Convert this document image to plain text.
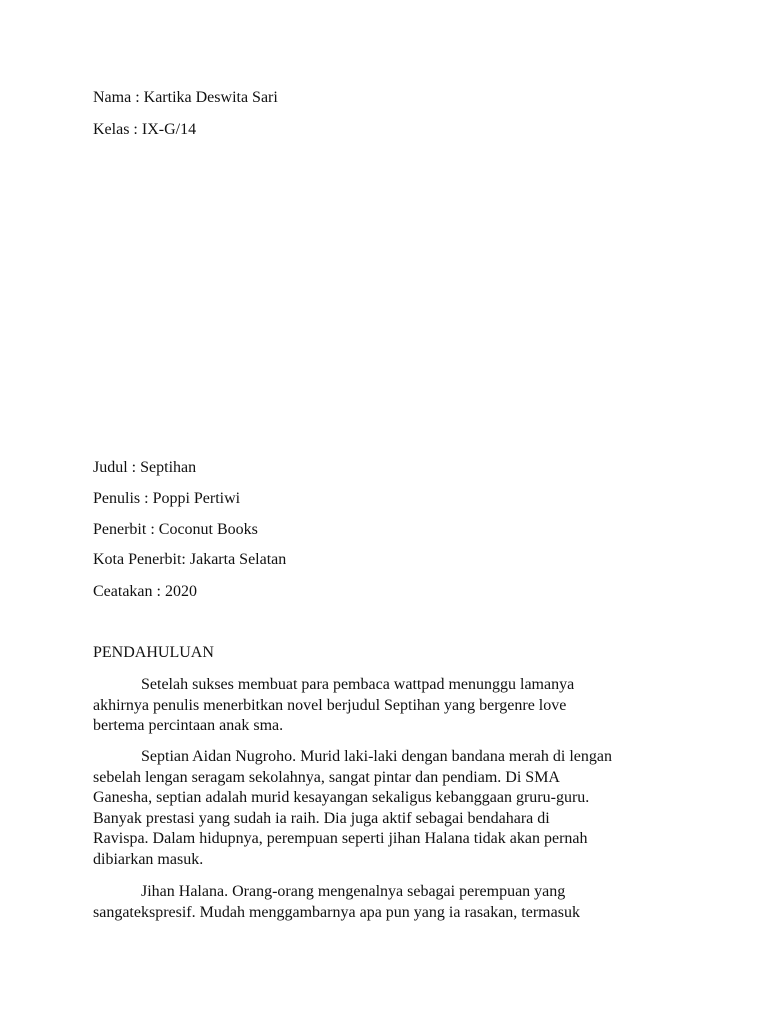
Nama : Kartika Deswita Sari
Kelas : IX-G/14
Judul : Septihan
Penulis : Poppi Pertiwi
Penerbit : Coconut Books
Kota Penerbit: Jakarta Selatan
Ceatakan : 2020
PENDAHULUAN
Setelah sukses membuat para pembaca wattpad menunggu lamanya
akhirnya penulis menerbitkan novel berjudul Septihan yang bergenre love
bertema percintaan anak sma.
Septian Aidan Nugroho. Murid laki-laki dengan bandana merah di lengan
sebelah lengan seragam sekolahnya, sangat pintar dan pendiam. Di SMA
Ganesha, septian adalah murid kesayangan sekaligus kebanggaan gruru-guru.
Banyak prestasi yang sudah ia raih. Dia juga aktif sebagai bendahara di
Ravispa. Dalam hidupnya, perempuan seperti jihan Halana tidak akan pernah
dibiarkan masuk.
Jihan Halana. Orang-orang mengenalnya sebagai perempuan yang
sangatekspresif. Mudah menggambarnya apa pun yang ia rasakan, termasuk
